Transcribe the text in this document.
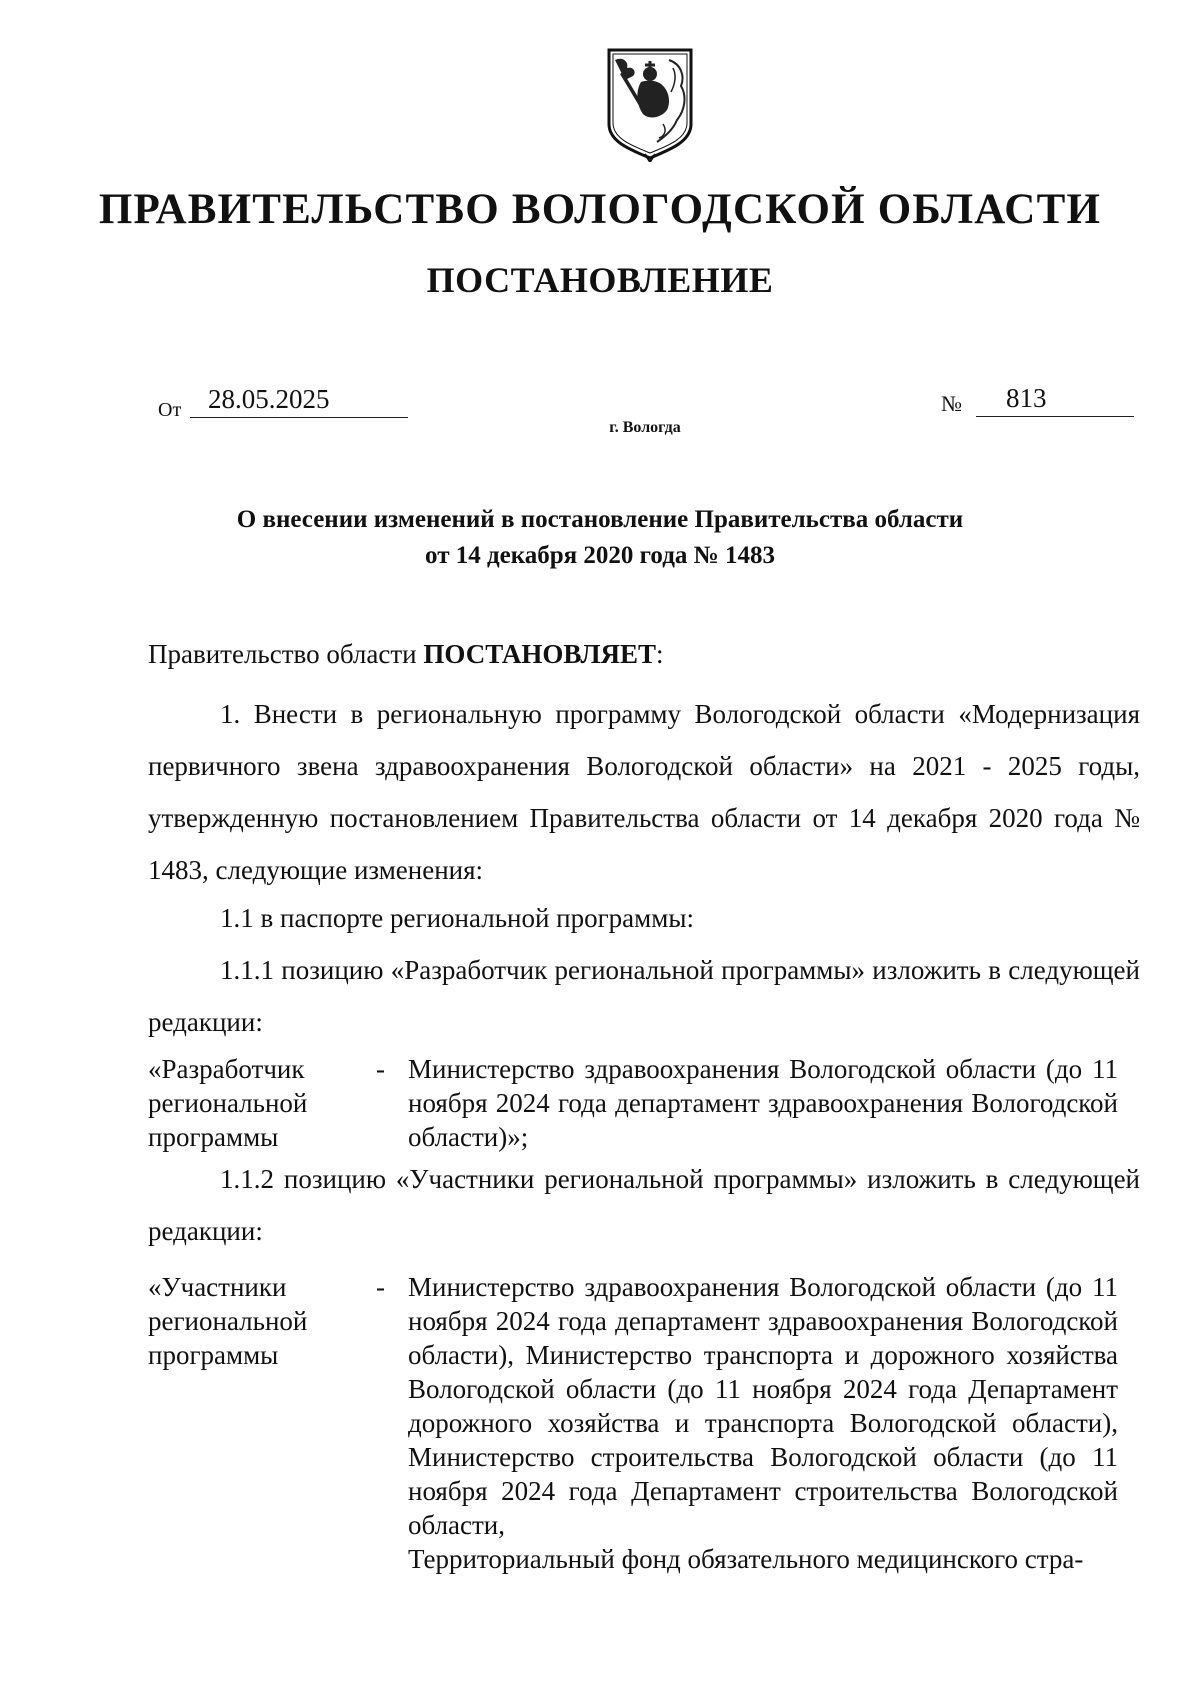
ПРАВИТЕЛЬСТВО ВОЛОГОДСКОЙ ОБЛАСТИ
ПОСТАНОВЛЕНИЕ
От 28.05.2025	№	813
г. Вологда
О внесении изменений в постановление Правительства области
от 14 декабря 2020 года № 1483
Правительство области ПОСТАНОВЛЯЕТ:

1. Внести в региональную программу Вологодской области «Модернизация первичного звена здравоохранения Вологодской области» на 2021 - 2025 годы, утвержденную постановлением Правительства области от 14 декабря 2020 года № 1483, следующие изменения:

1.1 в паспорте региональной программы:

1.1.1 позицию «Разработчик региональной программы» изложить в следующей редакции:

«Разработчик региональной программы
- Министерство здравоохранения Вологодской области (до 11 ноября 2024 года департамент здравоохранения Вологодской области)»;

1.1.2 позицию «Участники региональной программы» изложить в следующей редакции:

«Участники региональной программы
- Министерство здравоохранения Вологодской области (до 11 ноября 2024 года департамент здравоохранения Вологодской области), Министерство транспорта и дорожного хозяйства Вологодской области (до 11 ноября 2024 года Департамент дорожного хозяйства и транспорта Вологодской области), Министерство строительства Вологодской области (до 11 ноября 2024 года Департамент строительства Вологодской области,
Территориальный фонд обязательного медицинского стра-
